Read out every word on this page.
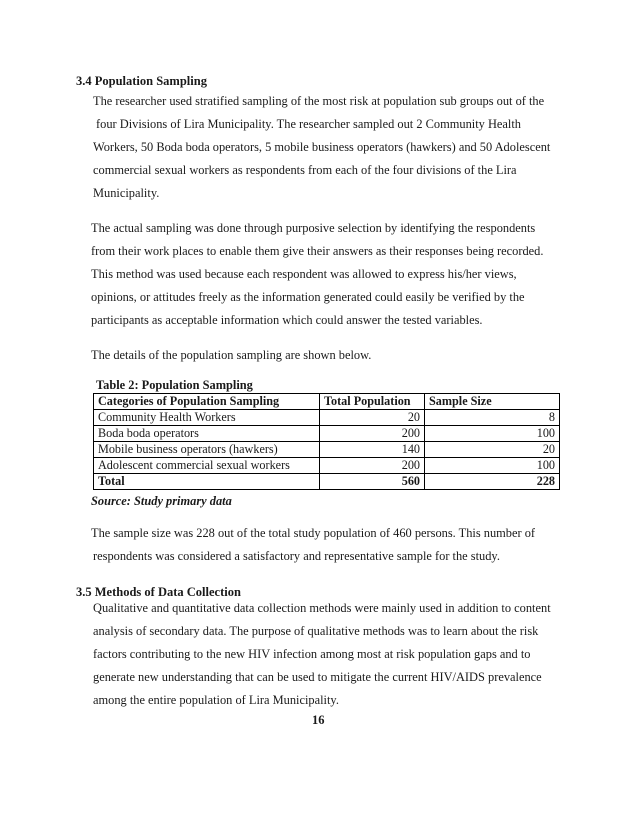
3.4 Population Sampling
The researcher used stratified sampling of the most risk at population sub groups out of the
four Divisions of Lira Municipality. The researcher sampled out 2 Community Health
Workers, 50 Boda boda operators, 5 mobile business operators (hawkers) and 50 Adolescent
commercial sexual workers as respondents from each of the four divisions of the Lira
Municipality.
The actual sampling was done through purposive selection by identifying the respondents
from their work places to enable them give their answers as their responses being recorded.
This method was used because each respondent was allowed to express his/her views,
opinions, or attitudes freely as the information generated could easily be verified by the
participants as acceptable information which could answer the tested variables.
The details of the population sampling are shown below.
Table 2: Population Sampling
Categories of Population Sampling	Total Population	Sample Size
Community Health Workers	20	8
Boda boda operators	200	100
Mobile business operators (hawkers)	140	20
Adolescent commercial sexual workers	200	100
Total	560	228
Source: Study primary data
The sample size was 228 out of the total study population of 460 persons. This number of
respondents was considered a satisfactory and representative sample for the study.
3.5 Methods of Data Collection
Qualitative and quantitative data collection methods were mainly used in addition to content
analysis of secondary data. The purpose of qualitative methods was to learn about the risk
factors contributing to the new HIV infection among most at risk population gaps and to
generate new understanding that can be used to mitigate the current HIV/AIDS prevalence
among the entire population of Lira Municipality.
16
